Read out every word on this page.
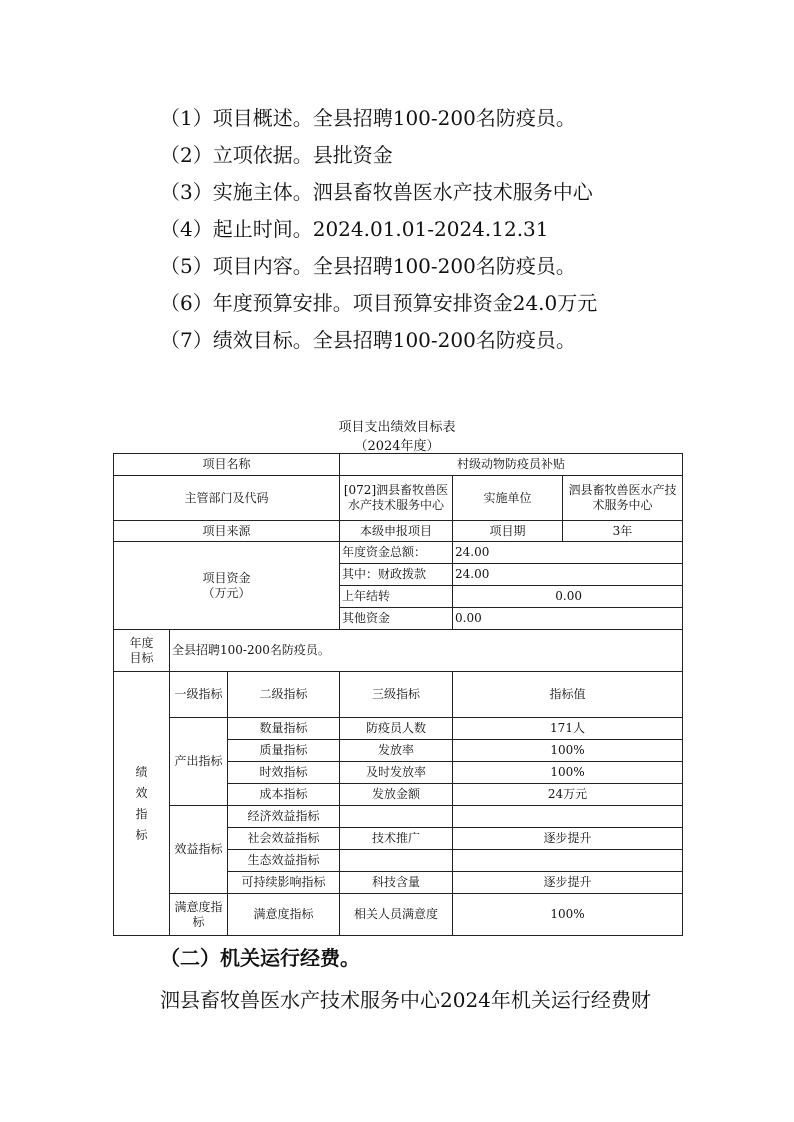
（1）项目概述。全县招聘100-200名防疫员。
（2）立项依据。县批资金
（3）实施主体。泗县畜牧兽医水产技术服务中心
（4）起止时间。2024.01.01-2024.12.31
（5）项目内容。全县招聘100-200名防疫员。
（6）年度预算安排。项目预算安排资金24.0万元
（7）绩效目标。全县招聘100-200名防疫员。
项目支出绩效目标表
（2024年度）
项目名称			村级动物防疫员补贴		
主管部门及代码			[072]泗县畜牧兽医水产技术服务中心	实施单位	泗县畜牧兽医水产技术服务中心
项目来源			本级申报项目	项目期	3年

项目资金
（万元）			年度资金总额：	24.00	
			其中：财政拨款	24.00	
			上年结转	0.00	
			其他资金	0.00	

年度
目标	全县招聘100-200名防疫员。				

绩
效
指
标	一级指标	二级指标	三级指标	指标值	
	产出指标	数量指标	防疫员人数	171人	
		质量指标	发放率	100%	
		时效指标	及时发放率	100%	
		成本指标	发放金额	24万元	
	效益指标	经济效益指标			
		社会效益指标	技术推广	逐步提升	
		生态效益指标			
		可持续影响指标	科技含量	逐步提升	
	满意度指标	满意度指标	相关人员满意度	100%	
（二）机关运行经费。
泗县畜牧兽医水产技术服务中心2024年机关运行经费财
